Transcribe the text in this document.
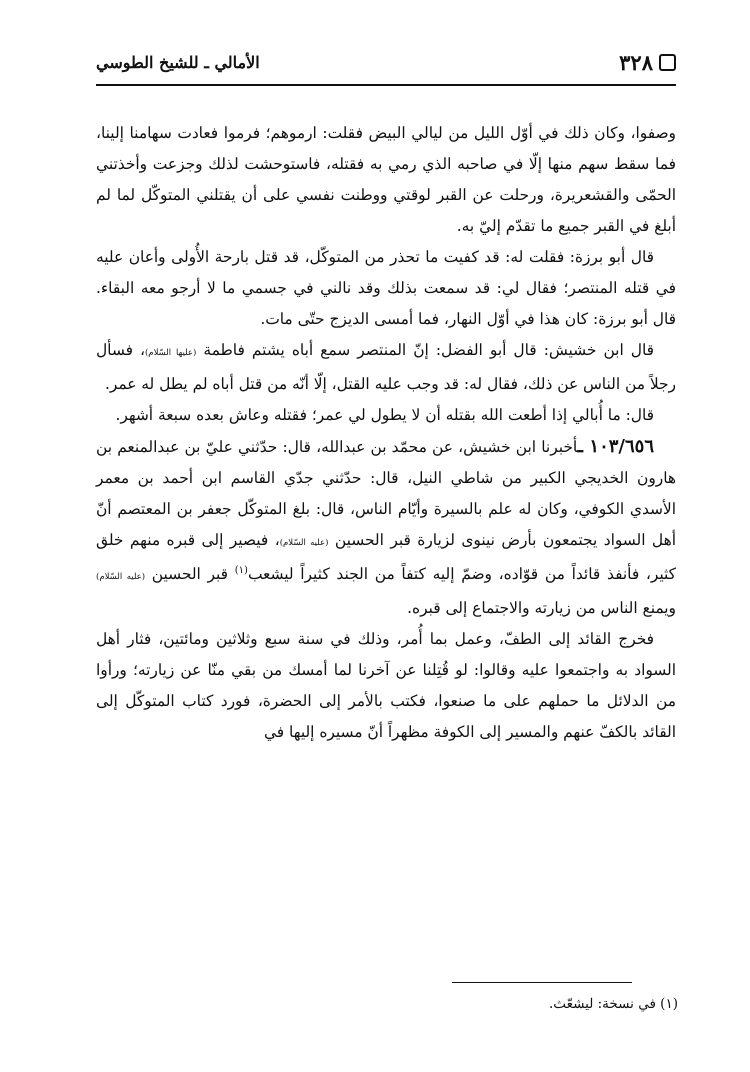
٣٢٨
الأمالي ـ للشيخ الطوسي

وصفوا، وكان ذلك في أوّل الليل من ليالي البيض فقلت: ارموهم؛ فرموا فعادت سهامنا إلينا، فما سقط سهم منها إلّا في صاحبه الذي رمي به فقتله، فاستوحشت لذلك وجزعت وأخذتني الحمّى والقشعريرة، ورحلت عن القبر لوقتي ووطنت نفسي على أن يقتلني المتوكّل لما لم أبلغ في القبر جميع ما تقدّم إليّ به.

قال أبو برزة: فقلت له: قد كفيت ما تحذر من المتوكّل، قد قتل بارحة الأُولى وأعان عليه في قتله المنتصر؛ فقال لي: قد سمعت بذلك وقد نالني في جسمي ما لا أرجو معه البقاء. قال أبو برزة: كان هذا في أوّل النهار، فما أمسى الديزج حتّى مات.

قال ابن خشيش: قال أبو الفضل: إنّ المنتصر سمع أباه يشتم فاطمة (عليها السّلام)، فسأل رجلاً من الناس عن ذلك، فقال له: قد وجب عليه القتل، إلّا أنّه من قتل أباه لم يطل له عمر.

قال: ما أُبالي إذا أطعت الله بقتله أن لا يطول لي عمر؛ فقتله وعاش بعده سبعة أشهر.

١٠٣/٦٥٦ ـأخبرنا ابن خشيش، عن محمّد بن عبدالله، قال: حدّثني عليّ بن عبدالمنعم بن هارون الخديجي الكبير من شاطي النيل، قال: حدّثني جدّي القاسم ابن أحمد بن معمر الأسدي الكوفي، وكان له علم بالسيرة وأيّام الناس، قال: بلغ المتوكّل جعفر بن المعتصم أنّ أهل السواد يجتمعون بأرض نينوى لزيارة قبر الحسين (عليه السّلام)، فيصير إلى قبره منهم خلق كثير، فأنفذ قائداً من قوّاده، وضمّ إليه كتفاً من الجند كثيراً ليشعب$^{(١)}$ قبر الحسين (عليه السّلام) ويمنع الناس من زيارته والاجتماع إلى قبره.

فخرج القائد إلى الطفّ، وعمل بما أُمر، وذلك في سنة سبع وثلاثين ومائتين، فثار أهل السواد به واجتمعوا عليه وقالوا: لو قُتِلنا عن آخرنا لما أمسك من بقي منّا عن زيارته؛ ورأوا من الدلائل ما حملهم على ما صنعوا، فكتب بالأمر إلى الحضرة، فورد كتاب المتوكّل إلى القائد بالكفّ عنهم والمسير إلى الكوفة مظهراً أنّ مسيره إليها في

(١) في نسخة: ليشعّث.
